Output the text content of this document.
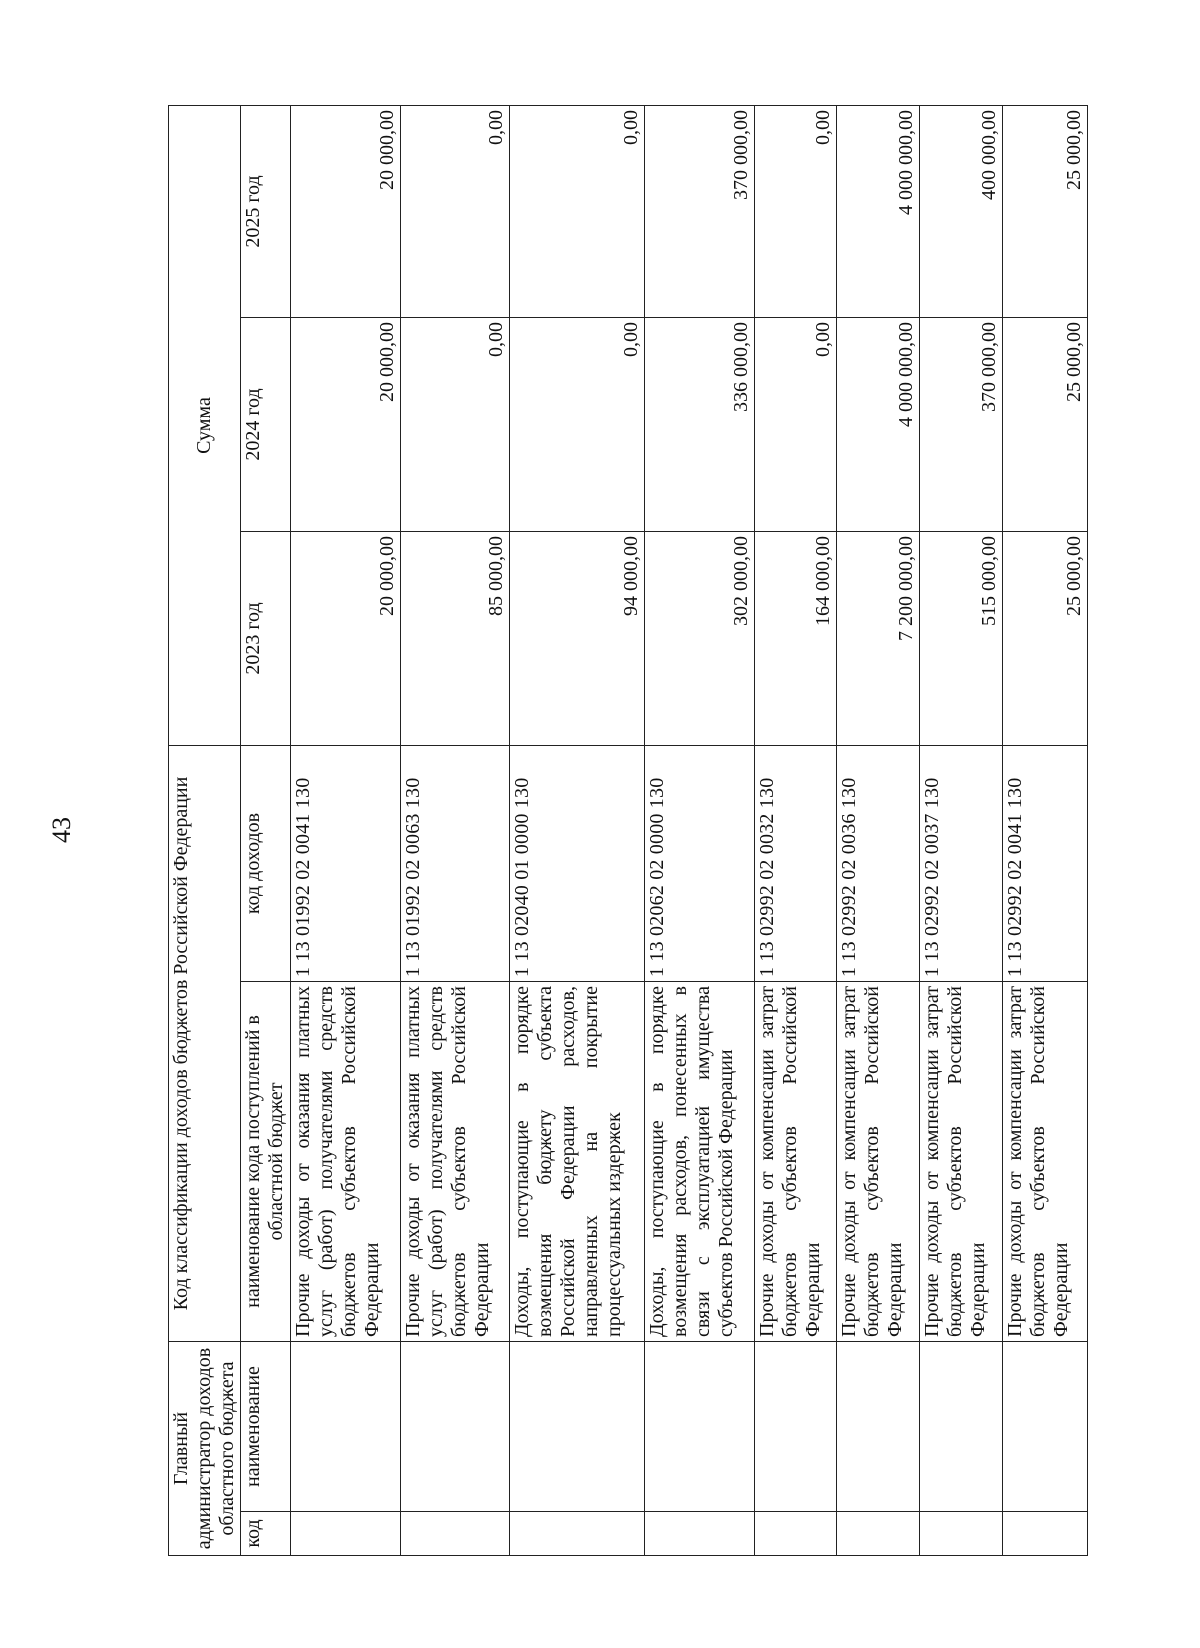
43
Главный администратор доходов областного бюджета		Код классификации доходов бюджетов Российской Федерации		Сумма		
код	наименование	наименование кода поступлений в областной бюджет	код доходов	2023 год	2024 год	2025 год
		Прочие доходы от оказания платных услуг (работ) получателями средств бюджетов субъектов Российской Федерации	1 13 01992 02 0041 130	20 000,00	20 000,00	20 000,00
		Прочие доходы от оказания платных услуг (работ) получателями средств бюджетов субъектов Российской Федерации	1 13 01992 02 0063 130	85 000,00	0,00	0,00
		Доходы, поступающие в порядке возмещения бюджету субъекта Российской Федерации расходов, направленных на покрытие процессуальных издержек	1 13 02040 01 0000 130	94 000,00	0,00	0,00
		Доходы, поступающие в порядке возмещения расходов, понесенных в связи с эксплуатацией имущества субъектов Российской Федерации	1 13 02062 02 0000 130	302 000,00	336 000,00	370 000,00
		Прочие доходы от компенсации затрат бюджетов субъектов Российской Федерации	1 13 02992 02 0032 130	164 000,00	0,00	0,00
		Прочие доходы от компенсации затрат бюджетов субъектов Российской Федерации	1 13 02992 02 0036 130	7 200 000,00	4 000 000,00	4 000 000,00
		Прочие доходы от компенсации затрат бюджетов субъектов Российской Федерации	1 13 02992 02 0037 130	515 000,00	370 000,00	400 000,00
		Прочие доходы от компенсации затрат бюджетов субъектов Российской Федерации	1 13 02992 02 0041 130	25 000,00	25 000,00	25 000,00
